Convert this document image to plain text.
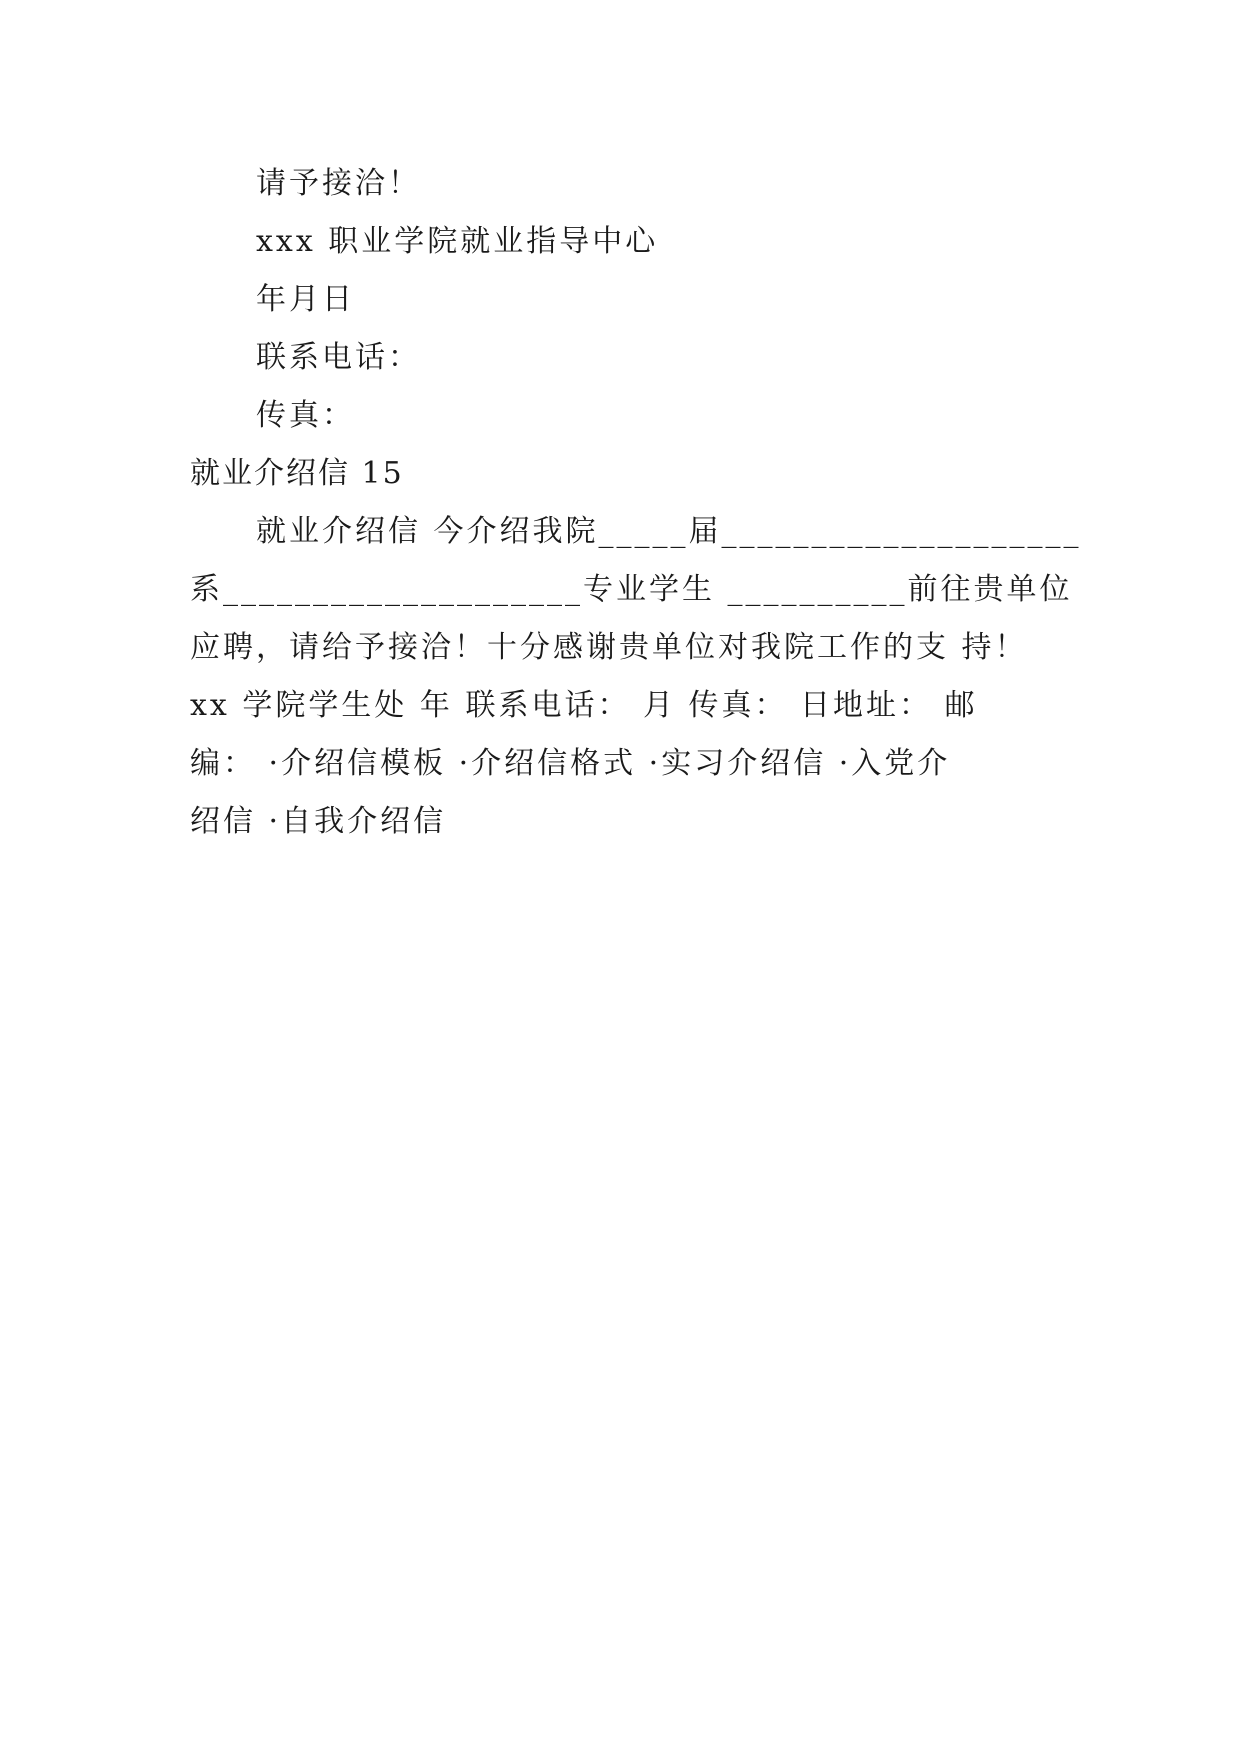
请予接洽！
xxx 职业学院就业指导中心
年月日
联系电话：
传真：
就业介绍信 15
就业介绍信 今介绍我院_____届____________________
系____________________专业学生 __________前往贵单位
应聘，请给予接洽！十分感谢贵单位对我院工作的支 持！
xx 学院学生处 年 联系电话： 月 传真： 日地址： 邮
编： ·介绍信模板 ·介绍信格式 ·实习介绍信 ·入党介
绍信 ·自我介绍信
